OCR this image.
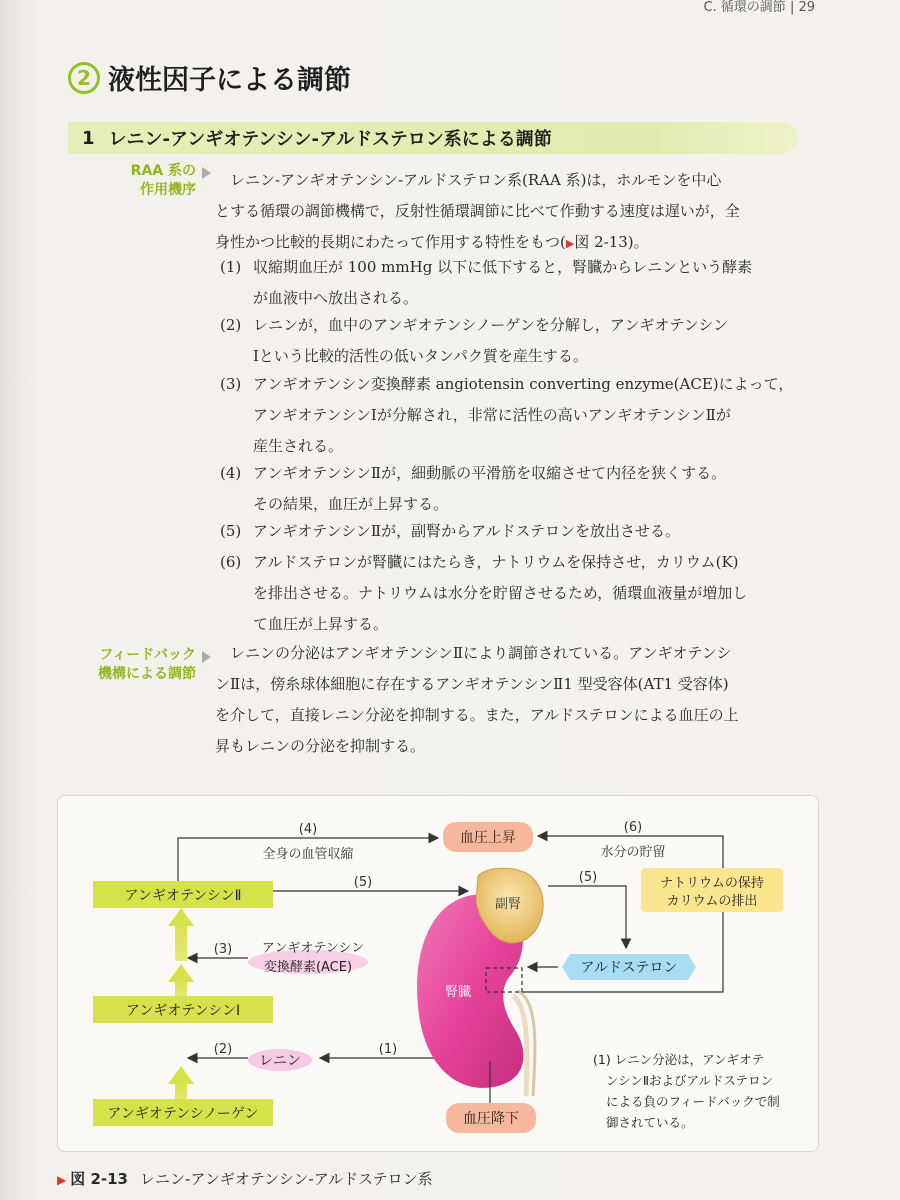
C. 循環の調節 | 29
2 液性因子による調節
1 レニン-アンギオテンシン-アルドステロン系による調節
RAA 系の
作用機序
レニン-アンギオテンシン-アルドステロン系(RAA 系)は，ホルモンを中心
とする循環の調節機構で，反射性循環調節に比べて作動する速度は遅いが，全
身性かつ比較的長期にわたって作用する特性をもつ(▶図 2-13)。
(1) 収縮期血圧が 100 mmHg 以下に低下すると，腎臓からレニンという酵素
が血液中へ放出される。
(2) レニンが，血中のアンギオテンシノーゲンを分解し，アンギオテンシン
Ⅰという比較的活性の低いタンパク質を産生する。
(3) アンギオテンシン変換酵素 angiotensin converting enzyme(ACE)によって，
アンギオテンシンⅠが分解され，非常に活性の高いアンギオテンシンⅡが
産生される。
(4) アンギオテンシンⅡが，細動脈の平滑筋を収縮させて内径を狭くする。
その結果，血圧が上昇する。
(5) アンギオテンシンⅡが，副腎からアルドステロンを放出させる。
(6) アルドステロンが腎臓にはたらき，ナトリウムを保持させ，カリウム(K)
を排出させる。ナトリウムは水分を貯留させるため，循環血液量が増加し
て血圧が上昇する。
フィードバック
機構による調節
レニンの分泌はアンギオテンシンⅡにより調節されている。アンギオテンシ
ンⅡは，傍糸球体細胞に存在するアンギオテンシンⅡ1 型受容体(AT1 受容体)
を介して，直接レニン分泌を抑制する。また，アルドステロンによる血圧の上
昇もレニンの分泌を抑制する。
アンギオテンシンⅡ
アンギオテンシンⅠ
アンギオテンシノーゲン
(4)
全身の血管収縮
血圧上昇
(6)
水分の貯留
(5)
(3) アンギオテンシン
変換酵素(ACE)
(2)
レニン
(1)
腎臓
副腎
(5)
アルドステロン
ナトリウムの保持
カリウムの排出
血圧降下
(1) レニン分泌は，アンギオテ
ンシンⅡおよびアルドステロン
による負のフィードバックで制
御されている。
▶ 図 2-13 レニン-アンギオテンシン-アルドステロン系
